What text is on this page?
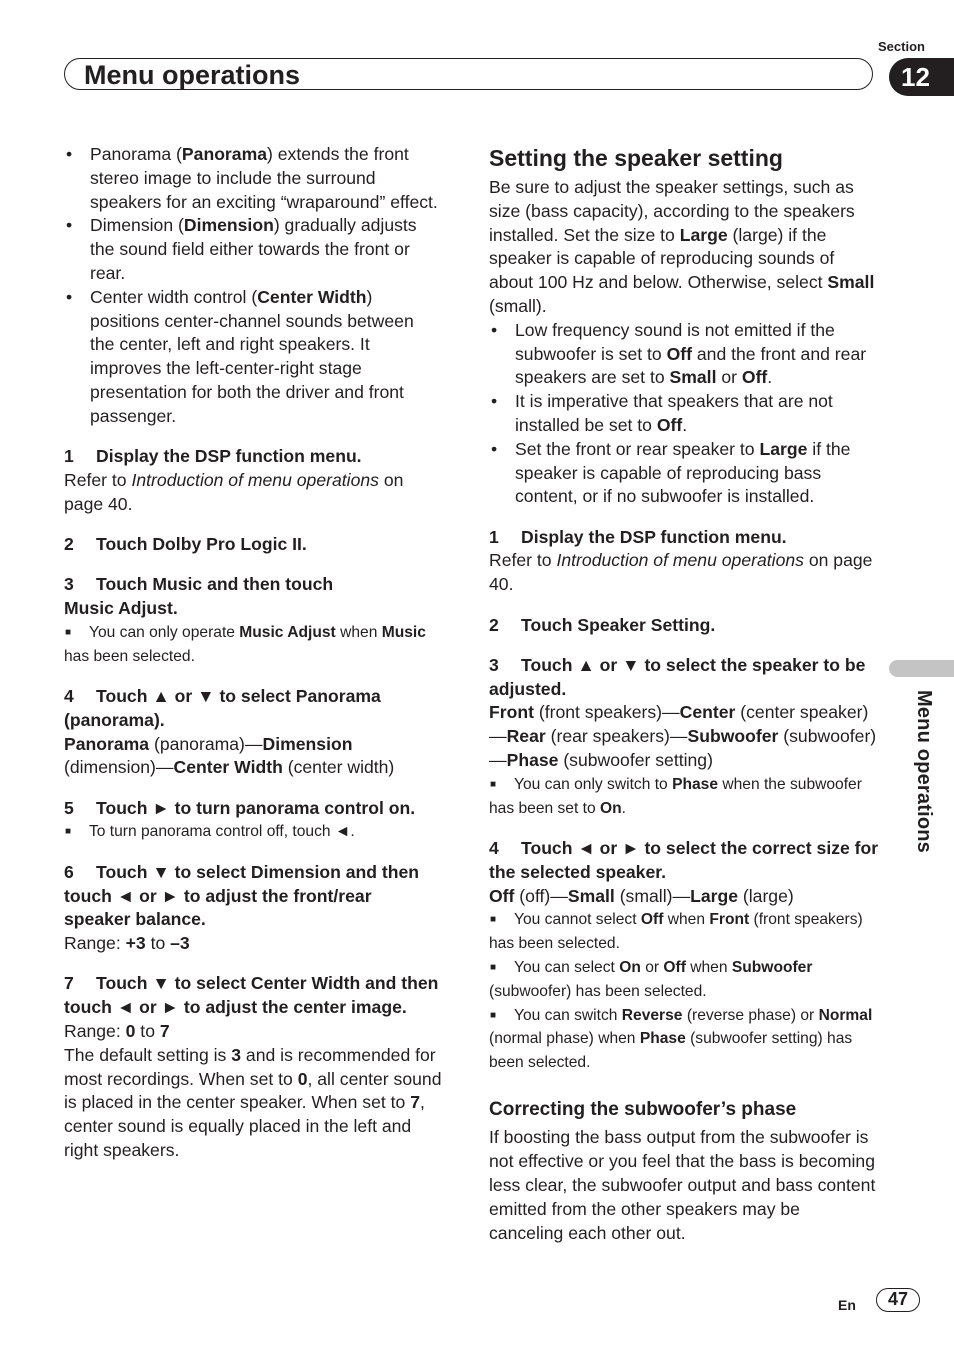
Section
Menu operations	12
Menu operations
• Panorama (Panorama) extends the front stereo image to include the surround speakers for an exciting “wraparound” effect.
• Dimension (Dimension) gradually adjusts the sound field either towards the front or rear.
• Center width control (Center Width) positions center-channel sounds between the center, left and right speakers. It improves the left-center-right stage presentation for both the driver and front passenger.

1 Display the DSP function menu.

Refer to Introduction of menu operations on page 40.

2 Touch Dolby Pro Logic II.

3 Touch Music and then touch Music Adjust.

■ You can only operate Music Adjust when Music has been selected.

4 Touch ▲ or ▼ to select Panorama (panorama).

Panorama (panorama)—Dimension (dimension)—Center Width (center width)

5 Touch ► to turn panorama control on.

■ To turn panorama control off, touch ◄.

6 Touch ▼ to select Dimension and then touch ◄ or ► to adjust the front/rear speaker balance.

Range: +3 to –3

7 Touch ▼ to select Center Width and then touch ◄ or ► to adjust the center image.

Range: 0 to 7

The default setting is 3 and is recommended for most recordings. When set to 0, all center sound is placed in the center speaker. When set to 7, center sound is equally placed in the left and right speakers.

Setting the speaker setting

Be sure to adjust the speaker settings, such as size (bass capacity), according to the speakers installed. Set the size to Large (large) if the speaker is capable of reproducing sounds of about 100 Hz and below. Otherwise, select Small (small).

• Low frequency sound is not emitted if the subwoofer is set to Off and the front and rear speakers are set to Small or Off.
• It is imperative that speakers that are not installed be set to Off.
• Set the front or rear speaker to Large if the speaker is capable of reproducing bass content, or if no subwoofer is installed.

1 Display the DSP function menu.

Refer to Introduction of menu operations on page 40.

2 Touch Speaker Setting.

3 Touch ▲ or ▼ to select the speaker to be adjusted.

Front (front speakers)—Center (center speaker)—Rear (rear speakers)—Subwoofer (subwoofer)—Phase (subwoofer setting)

■ You can only switch to Phase when the subwoofer has been set to On.

4 Touch ◄ or ► to select the correct size for the selected speaker.

Off (off)—Small (small)—Large (large)

■ You cannot select Off when Front (front speakers) has been selected.

■ You can select On or Off when Subwoofer (subwoofer) has been selected.

■ You can switch Reverse (reverse phase) or Normal (normal phase) when Phase (subwoofer setting) has been selected.

Correcting the subwoofer’s phase

If boosting the bass output from the subwoofer is not effective or you feel that the bass is becoming less clear, the subwoofer output and bass content emitted from the other speakers may be canceling each other out.

En	47
